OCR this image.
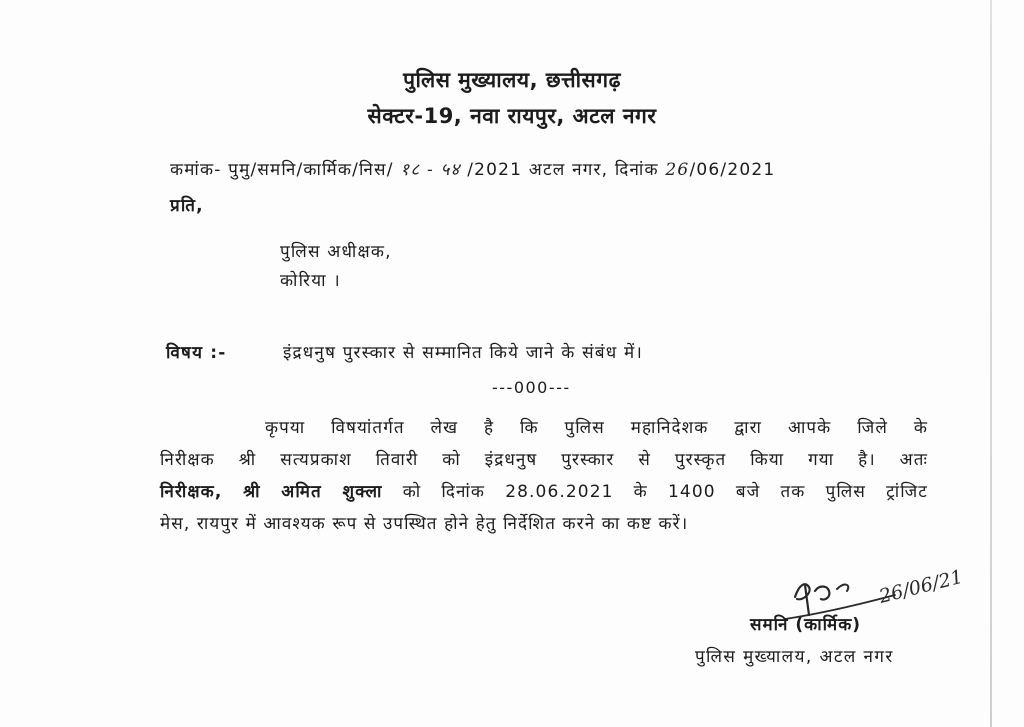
पुलिस मुख्यालय, छत्तीसगढ़
सेक्टर-19, नवा रायपुर, अटल नगर
कमांक- पुमु/समनि/कार्मिक/निस/ १८ - ५४ /2021 अटल नगर, दिनांक 26/06/2021
प्रति,
पुलिस अधीक्षक,
कोरिया ।
विषय :-	इंद्रधनुष पुरस्कार से सम्मानित किये जाने के संबंध में।
---000---
कृपया विषयांतर्गत लेख है कि पुलिस महानिदेशक द्वारा आपके जिले के
निरीक्षक श्री सत्यप्रकाश तिवारी को इंद्रधनुष पुरस्कार से पुरस्कृत किया गया है। अतः
निरीक्षक, श्री अमित शुक्ला को दिनांक 28.06.2021 के 1400 बजे तक पुलिस ट्रांजिट
मेस, रायपुर में आवश्यक रूप से उपस्थित होने हेतु निर्देशित करने का कष्ट करें।
26/06/21
समनि (कार्मिक)
पुलिस मुख्यालय, अटल नगर
